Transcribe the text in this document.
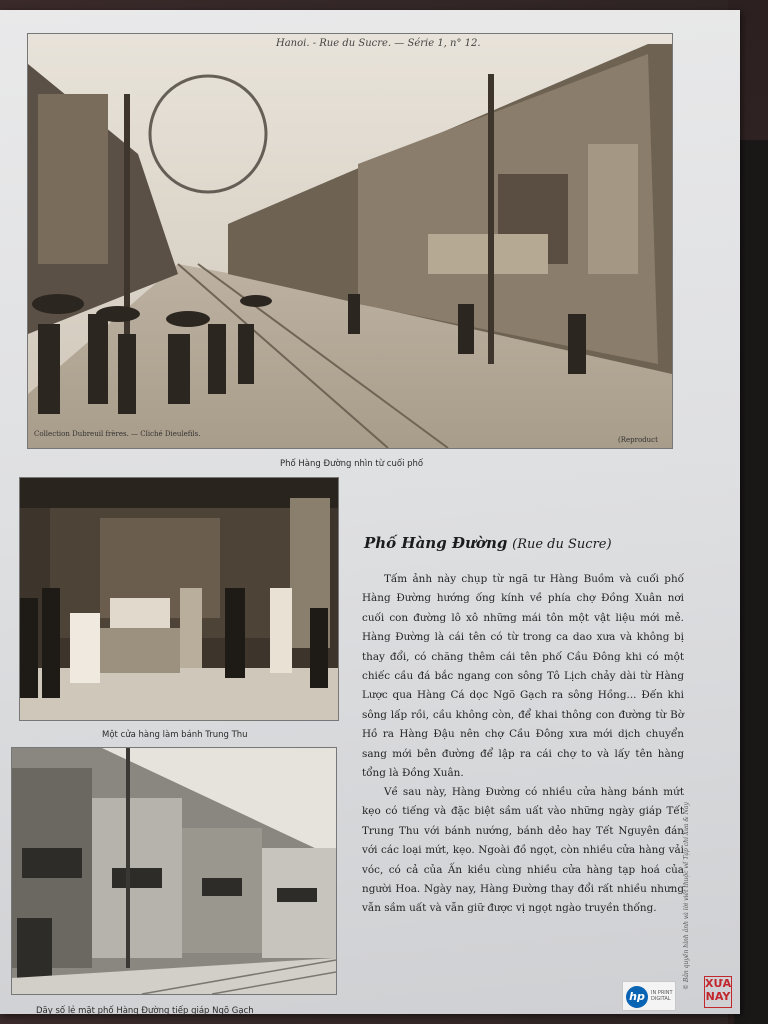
Hanoi. - Rue du Sucre. — Série 1, n° 12.
Collection Dubreuil frères. — Cliché Dieulefils.
(Reproduct
Phố Hàng Đường nhìn từ cuối phố
Một cửa hàng làm bánh Trung Thu
Dãy số lẻ mặt phố Hàng Đường tiếp giáp Ngõ Gạch
Phố Hàng Đường (Rue du Sucre)

Tấm ảnh này chụp từ ngã tư Hàng Buồm và cuối phố Hàng Đường hướng ống kính về phía chợ Đồng Xuân nơi cuối con đường lô xô những mái tôn một vật liệu mới mẻ. Hàng Đường là cái tên có từ trong ca dao xưa và không bị thay đổi, có chăng thêm cái tên phố Cầu Đông khi có một chiếc cầu đá bắc ngang con sông Tô Lịch chảy dài từ Hàng Lược qua Hàng Cá dọc Ngõ Gạch ra sông Hồng... Đến khi sông lấp rồi, cầu không còn, để khai thông con đường từ Bờ Hồ ra Hàng Đậu nên chợ Cầu Đông xưa mới dịch chuyển sang mới bên đường để lập ra cái chợ to và lấy tên hàng tổng là Đồng Xuân.

Về sau này, Hàng Đường có nhiều cửa hàng bánh mứt kẹo có tiếng và đặc biệt sầm uất vào những ngày giáp Tết Trung Thu với bánh nướng, bánh dẻo hay Tết Nguyên đán với các loại mứt, kẹo. Ngoài đồ ngọt, còn nhiều cửa hàng vải vóc, có cả của Ấn kiều cùng nhiều cửa hàng tạp hoá của người Hoa. Ngày nay, Hàng Đường thay đổi rất nhiều nhưng vẫn sầm uất và vẫn giữ được vị ngọt ngào truyền thống.	© Bản quyền hình ảnh và lời viết thuộc về Tạp chí Xưa & Nay
hp	IN PRINT
DIGITAL
XƯA
NAY
